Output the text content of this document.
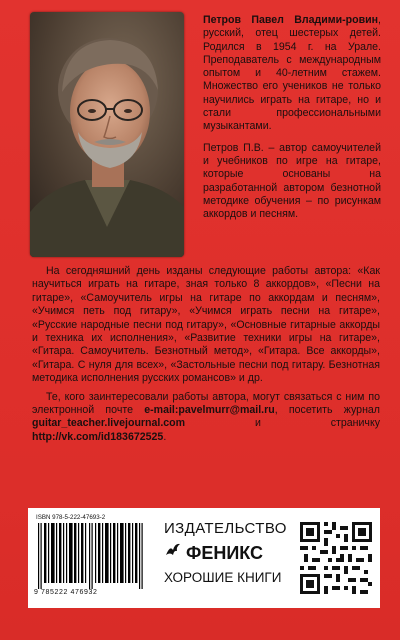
Петров Павел Владими-ровин, русский, отец шестерых детей. Родился в 1954 г. на Урале. Преподаватель с международным опытом и 40-летним стажем. Множество его учеников не только научились играть на гитаре, но и стали профессиональными музыкантами.

Петров П.В. – автор самоучителей и учебников по игре на гитаре, которые основаны на разработанной автором безнотной методике обучения – по рисункам аккордов и песням.

На сегодняшний день изданы следующие работы автора: «Как научиться играть на гитаре, зная только 8 аккордов», «Песни на гитаре», «Самоучитель игры на гитаре по аккордам и песням», «Учимся петь под гитару», «Учимся играть песни на гитаре», «Русские народные песни под гитару», «Основные гитарные аккорды и техника их исполнения», «Развитие техники игры на гитаре», «Гитара. Самоучитель. Безнотный метод», «Гитара. Все аккорды», «Гитара. С нуля для всех», «Застольные песни под гитару. Безнотная методика исполнения русских романсов» и др.

Те, кого заинтересовали работы автора, могут связаться с ним по электронной почте e-mail:pavelmurr@mail.ru, посетить журнал guitar_teacher.livejournal.com и страничку http://vk.com/id183672525.

ISBN 978-5-222-47693-2
9 785222 476932
ИЗДАТЕЛЬСТВО
ФЕНИКС
ХОРОШИЕ КНИГИ
